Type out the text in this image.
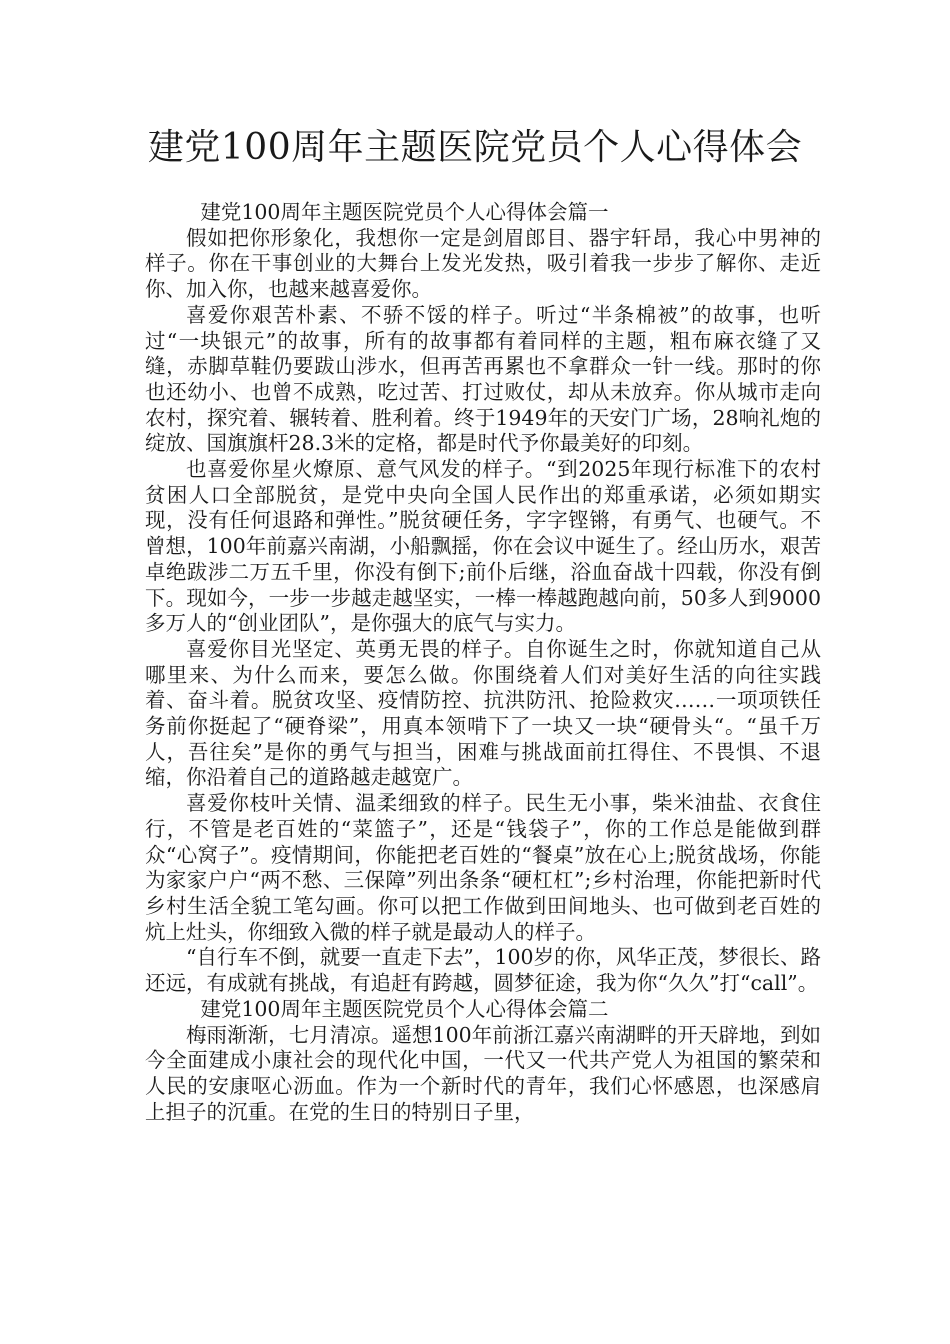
建党100周年主题医院党员个人心得体会

建党100周年主题医院党员个人心得体会篇一

假如把你形象化，我想你一定是剑眉郎目、器宇轩昂，我心中男神的样子。你在干事创业的大舞台上发光发热，吸引着我一步步了解你、走近你、加入你，也越来越喜爱你。

喜爱你艰苦朴素、不骄不馁的样子。听过“半条棉被”的故事，也听过“一块银元”的故事，所有的故事都有着同样的主题，粗布麻衣缝了又缝，赤脚草鞋仍要跋山涉水，但再苦再累也不拿群众一针一线。那时的你也还幼小、也曾不成熟，吃过苦、打过败仗，却从未放弃。你从城市走向农村，探究着、辗转着、胜利着。终于1949年的天安门广场，28响礼炮的绽放、国旗旗杆28.3米的定格，都是时代予你最美好的印刻。

也喜爱你星火燎原、意气风发的样子。“到2025年现行标准下的农村贫困人口全部脱贫，是党中央向全国人民作出的郑重承诺，必须如期实现，没有任何退路和弹性。”脱贫硬任务，字字铿锵，有勇气、也硬气。不曾想，100年前嘉兴南湖，小船飘摇，你在会议中诞生了。经山历水，艰苦卓绝跋涉二万五千里，你没有倒下;前仆后继，浴血奋战十四载，你没有倒下。现如今，一步一步越走越坚实，一棒一棒越跑越向前，50多人到9000多万人的“创业团队”，是你强大的底气与实力。

喜爱你目光坚定、英勇无畏的样子。自你诞生之时，你就知道自己从哪里来、为什么而来，要怎么做。你围绕着人们对美好生活的向往实践着、奋斗着。脱贫攻坚、疫情防控、抗洪防汛、抢险救灾……一项项铁任务前你挺起了“硬脊梁”，用真本领啃下了一块又一块“硬骨头“。“虽千万人，吾往矣”是你的勇气与担当，困难与挑战面前扛得住、不畏惧、不退缩，你沿着自己的道路越走越宽广。

喜爱你枝叶关情、温柔细致的样子。民生无小事，柴米油盐、衣食住行，不管是老百姓的“菜篮子”，还是“钱袋子”，你的工作总是能做到群众“心窝子”。疫情期间，你能把老百姓的“餐桌”放在心上;脱贫战场，你能为家家户户“两不愁、三保障”列出条条“硬杠杠”;乡村治理，你能把新时代乡村生活全貌工笔勾画。你可以把工作做到田间地头、也可做到老百姓的炕上灶头，你细致入微的样子就是最动人的样子。

“自行车不倒，就要一直走下去”，100岁的你，风华正茂，梦很长、路还远，有成就有挑战，有追赶有跨越，圆梦征途，我为你“久久”打“call”。

建党100周年主题医院党员个人心得体会篇二

梅雨渐渐，七月清凉。遥想100年前浙江嘉兴南湖畔的开天辟地，到如今全面建成小康社会的现代化中国，一代又一代共产党人为祖国的繁荣和人民的安康呕心沥血。作为一个新时代的青年，我们心怀感恩，也深感肩上担子的沉重。在党的生日的特别日子里，
